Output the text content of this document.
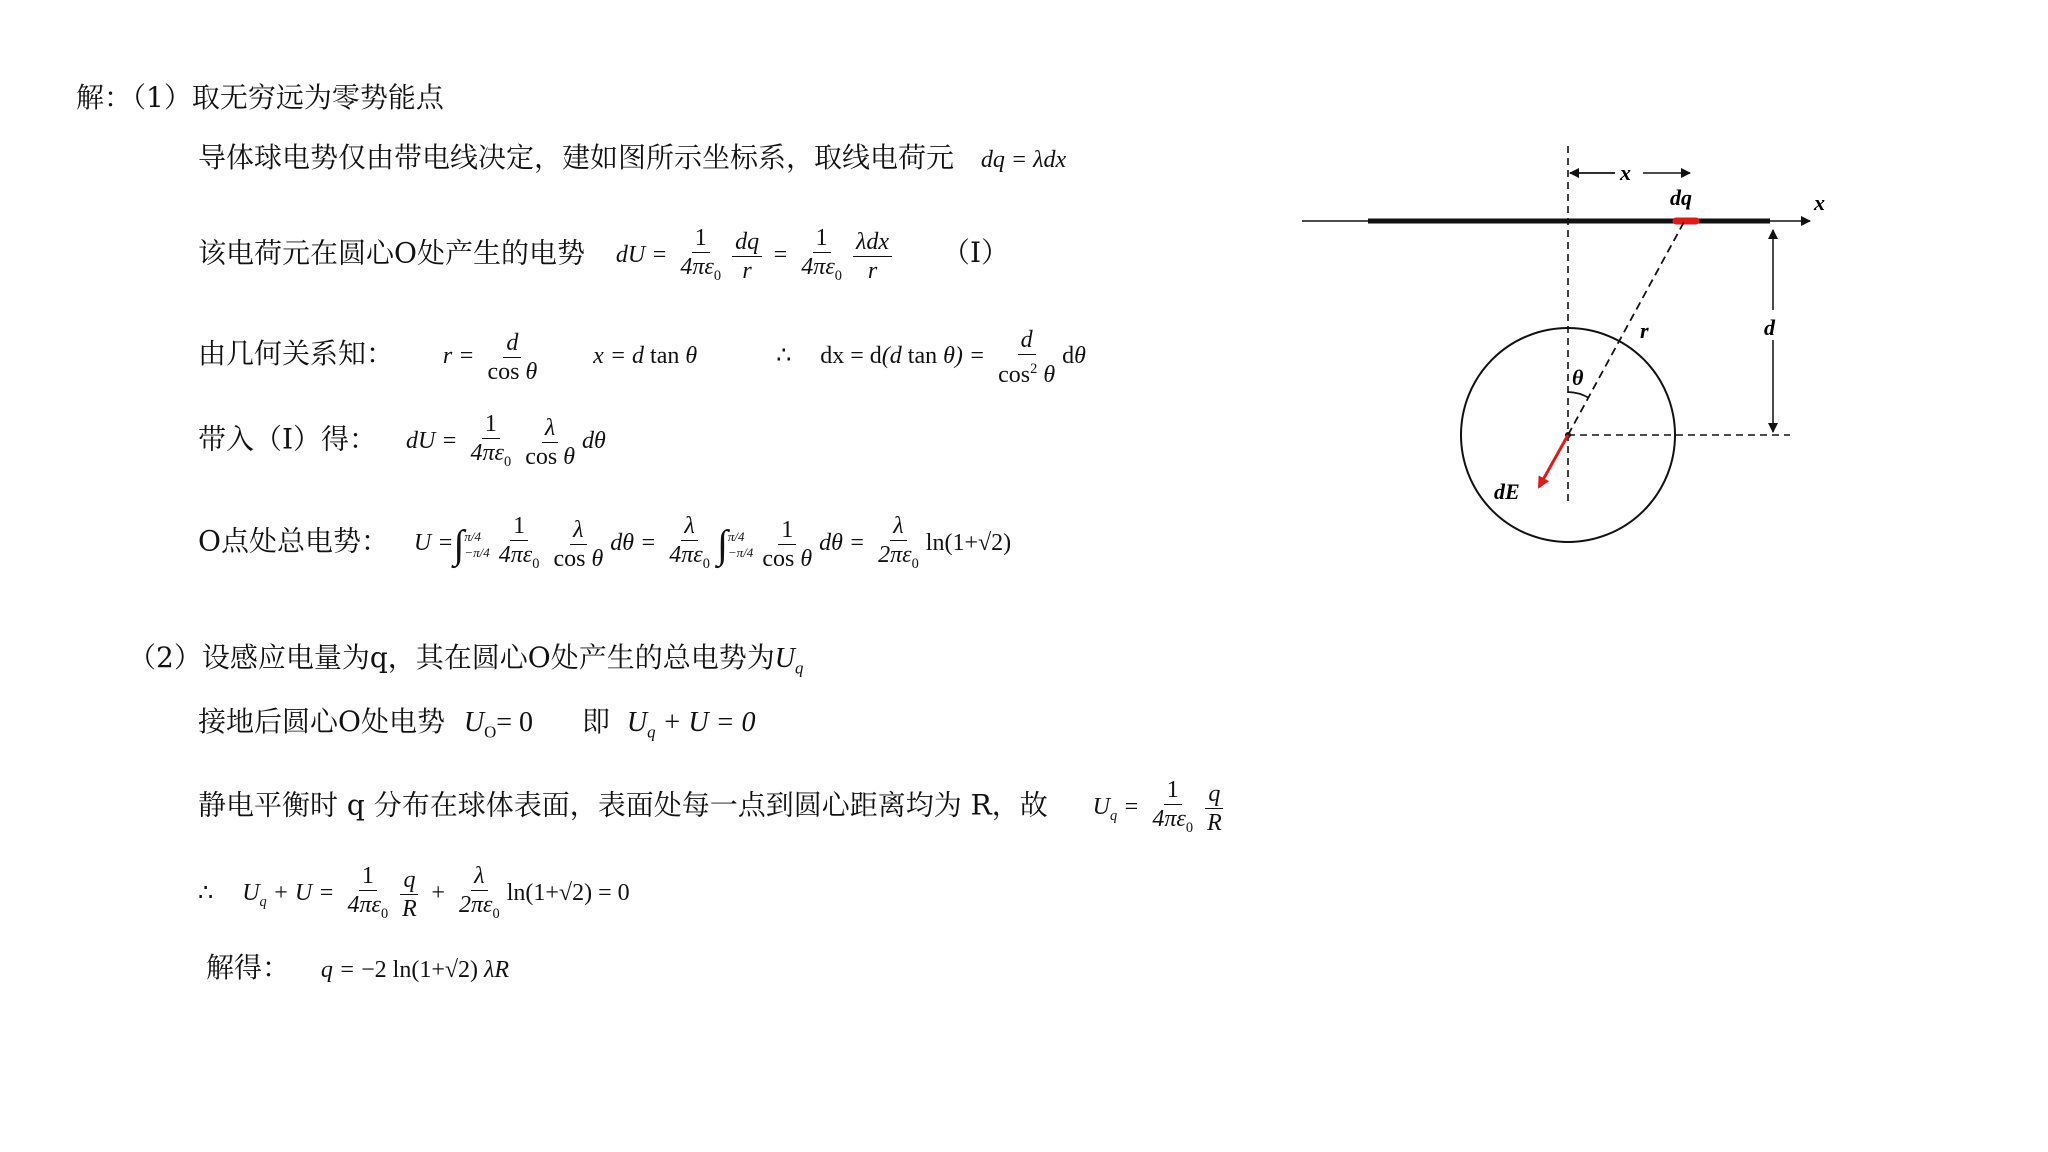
解：（1）取无穷远为零势能点
导体球电势仅由带电线决定，建如图所示坐标系，取线电荷元 dq = λdx
该电荷元在圆心O处产生的电势 dU = $\frac{1}{4\pi\varepsilon_0} \frac{dq}{r} = \frac{1}{4\pi\varepsilon_0} \frac{\text{λdx}}{r} (I)$
由几何关系知： $r = \frac{d}{\text{cos θ}}$ x = d tan θ	∴ dx = d(d $\tan \theta) = \frac{d}{\cos^2 \theta}$ dθ
带入（I）得： dU = $\frac{1}{4\pi\varepsilon_0} \frac{\lambda}{\text{cos θ}}$ dθ
O点处总电势： U =∫ π/4
$-\pi/4 \frac{1}{4\pi\varepsilon_0} \frac{\lambda}{\text{cos θ}}$ $d\theta = \frac{\lambda}{4\pi\varepsilon_0}$ ∫ π/4
$-\pi/4 \frac{1}{\text{cos θ}}$ $d\theta = \frac{\lambda}{2\pi\varepsilon_0} \ln(1+√2)$
（2）设感应电量为q，其在圆心O处产生的总电势为$U_q$
接地后圆心O处电势 $U_O= 0$ 即 $U_q + U = 0$
静电平衡时 q 分布在球体表面，表面处每一点到圆心距离均为 R，故 $U_q = \frac{1}{4\pi\varepsilon_0} \frac{q}{R}$
∴ $U_q + U = \frac{1}{4\pi\varepsilon_0} \frac{q}{R} + \frac{\lambda}{2\pi\varepsilon_0} \ln(1+√2) = 0$
解得： q = −2 ln(1+√2) λR
x
dq	x
r	d
θ
dE
